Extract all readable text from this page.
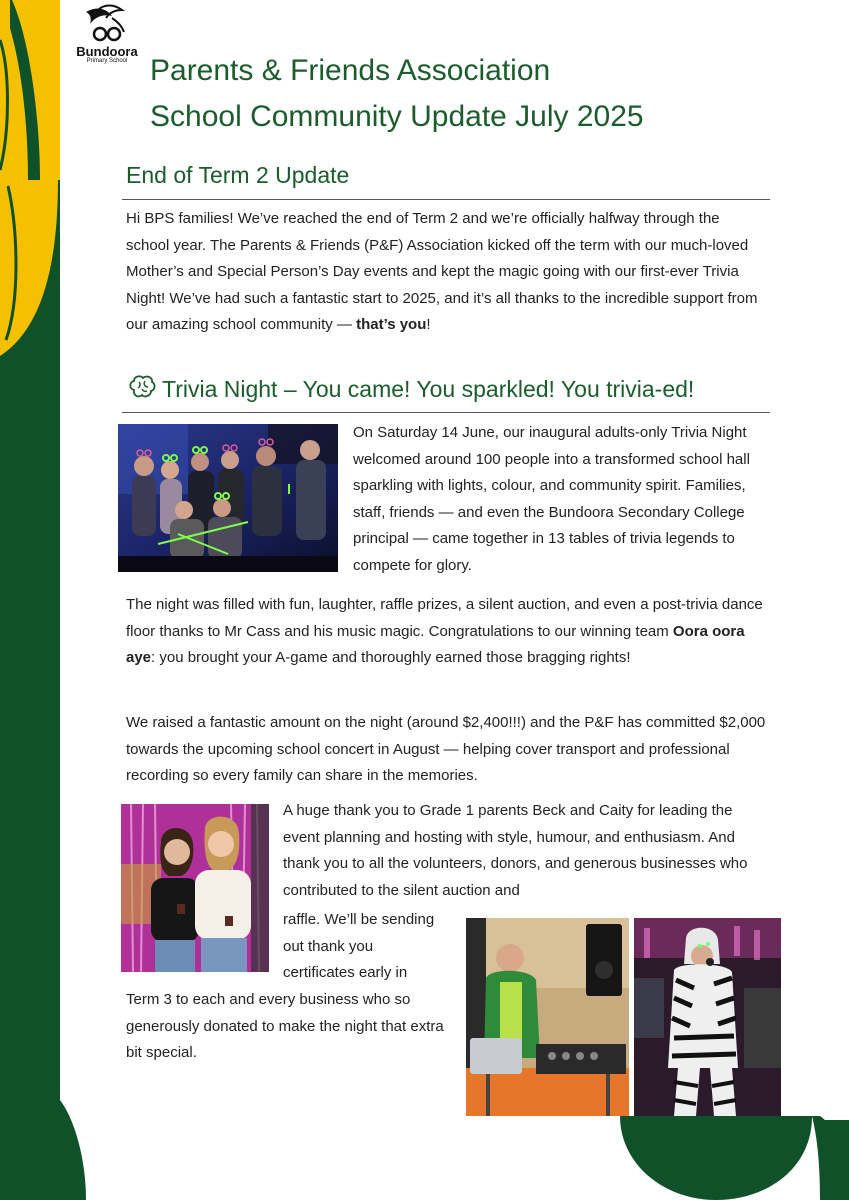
Bundoora
Primary School Parents & Friends Association
School Community Update July 2025
End of Term 2 Update
Hi BPS families! We’ve reached the end of Term 2 and we’re officially halfway through the school year. The Parents & Friends (P&F) Association kicked off the term with our much-loved Mother’s and Special Person’s Day events and kept the magic going with our first-ever Trivia Night! We’ve had such a fantastic start to 2025, and it’s all thanks to the incredible support from our amazing school community — that’s you!
Trivia Night – You came! You sparkled! You trivia-ed!
On Saturday 14 June, our inaugural adults-only Trivia Night welcomed around 100 people into a transformed school hall sparkling with lights, colour, and community spirit. Families, staff, friends — and even the Bundoora Secondary College principal — came together in 13 tables of trivia legends to compete for glory.
The night was filled with fun, laughter, raffle prizes, a silent auction, and even a post-trivia dance floor thanks to Mr Cass and his music magic. Congratulations to our winning team Oora oora aye: you brought your A-game and thoroughly earned those bragging rights!
We raised a fantastic amount on the night (around $2,400!!!) and the P&F has committed $2,000 towards the upcoming school concert in August — helping cover transport and professional recording so every family can share in the memories.
A huge thank you to Grade 1 parents Beck and Caity for leading the event planning and hosting with style, humour, and enthusiasm. And thank you to all the volunteers, donors, and generous businesses who contributed to the silent auction and
raffle. We’ll be sending
out thank you
certificates early in
Term 3 to each and every business who so generously donated to make the night that extra bit special.
